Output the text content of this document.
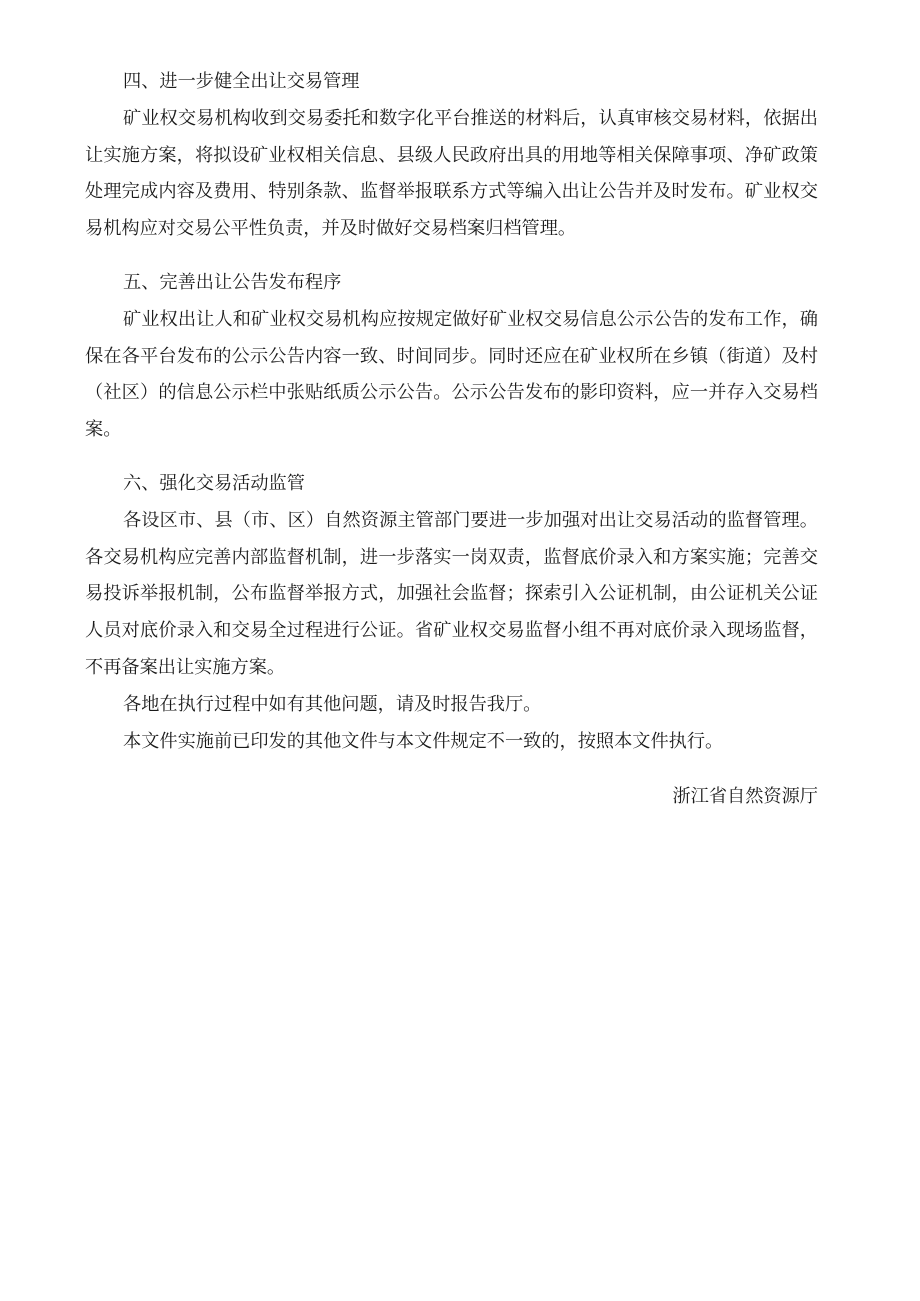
四、进一步健全出让交易管理

矿业权交易机构收到交易委托和数字化平台推送的材料后，认真审核交易材料，依据出让实施方案，将拟设矿业权相关信息、县级人民政府出具的用地等相关保障事项、净矿政策处理完成内容及费用、特别条款、监督举报联系方式等编入出让公告并及时发布。矿业权交易机构应对交易公平性负责，并及时做好交易档案归档管理。

五、完善出让公告发布程序

矿业权出让人和矿业权交易机构应按规定做好矿业权交易信息公示公告的发布工作，确保在各平台发布的公示公告内容一致、时间同步。同时还应在矿业权所在乡镇（街道）及村（社区）的信息公示栏中张贴纸质公示公告。公示公告发布的影印资料，应一并存入交易档案。

六、强化交易活动监管

各设区市、县（市、区）自然资源主管部门要进一步加强对出让交易活动的监督管理。各交易机构应完善内部监督机制，进一步落实一岗双责，监督底价录入和方案实施；完善交易投诉举报机制，公布监督举报方式，加强社会监督；探索引入公证机制，由公证机关公证人员对底价录入和交易全过程进行公证。省矿业权交易监督小组不再对底价录入现场监督，不再备案出让实施方案。

各地在执行过程中如有其他问题，请及时报告我厅。

本文件实施前已印发的其他文件与本文件规定不一致的，按照本文件执行。

浙江省自然资源厅
